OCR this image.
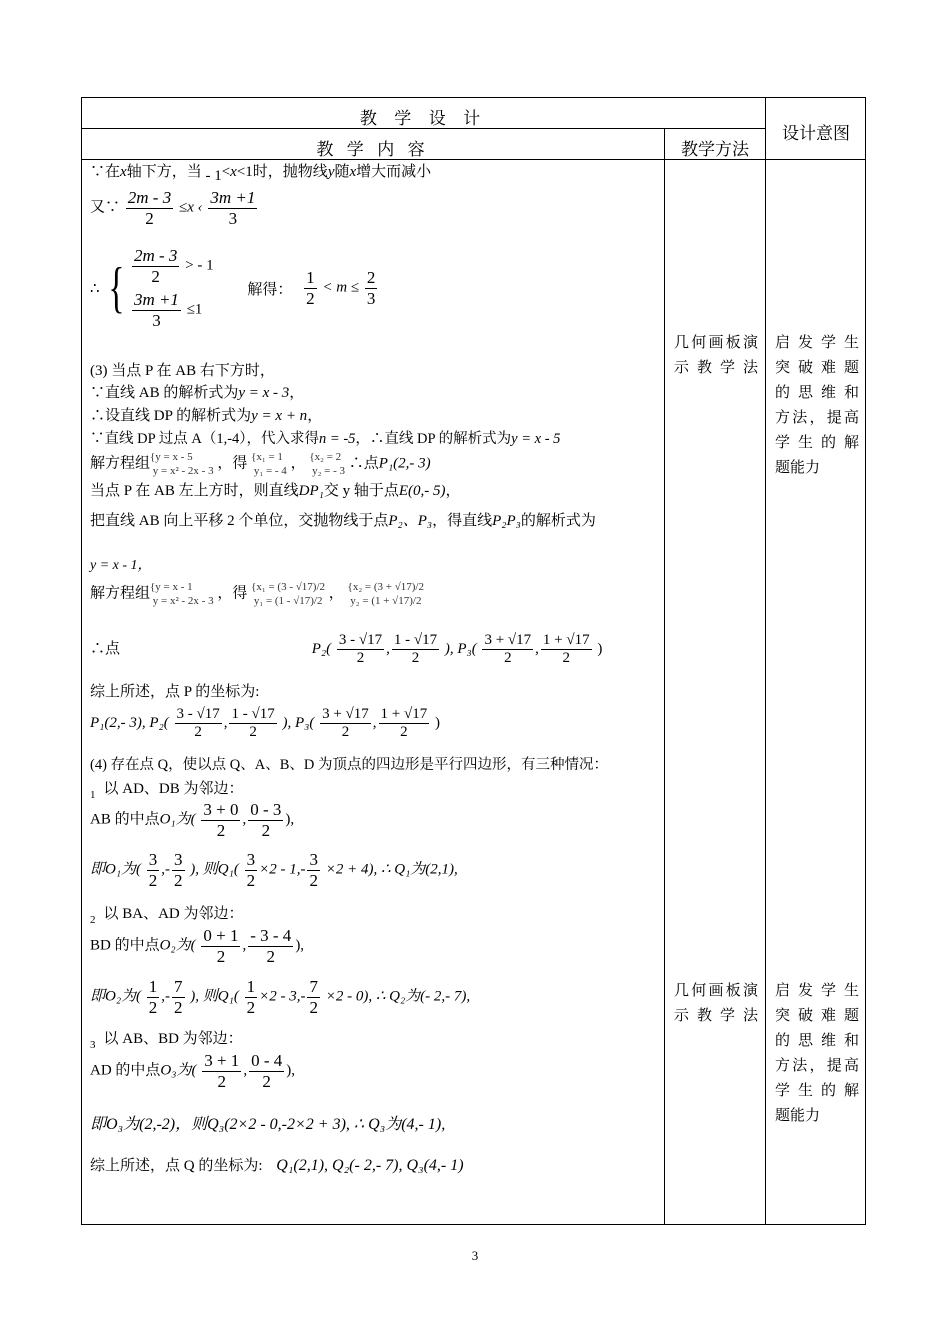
教 学 设 计
教 学 内 容	教学方法
设计意图
∵在x轴下方，当 - 1<x<1时，抛物线y随x增大而减小
又∵ $\frac{2m - 3}{2} \le x$ ‹ $\frac{3m +1}{3}$
∴ { $\frac{2m - 3}{2}$ > - 1
$\frac{3m +1}{3} \le 1$
解得： $\frac{1}{2} < m \le \frac{2}{3}$
(3) 当点 P 在 AB 右下方时，
∵直线 AB 的解析式为y = x - 3，
∴设直线 DP 的解析式为y = x + n，
∵直线 DP 过点 A（1,-4），代入求得n = -5，∴直线 DP 的解析式为y = x - 5
解方程组{y = x - 5
y = x² - 2x - 3 ，得 {x₁ = 1
y₁ = - 4 ， {x₂ = 2
y₂ = - 3 ∴点P₁(2,- 3)
当点 P 在 AB 左上方时，则直线DP₁交 y 轴于点E(0,- 5)，
把直线 AB 向上平移 2 个单位，交抛物线于点P₂、P₃，得直线P₂P₃的解析式为
y = x - 1，
解方程组{y = x - 1
y = x² - 2x - 3 ，得 {x₁ = (3 - √17)/2
y₁ = (1 - √17)/2 ， {x₂ = (3 + √17)/2
y₂ = (1 + √17)/2
∴点	$P_2( \frac{3 - √17}{2}$ , $\frac{1 - √17}{2}$ ), $P_3( \frac{3 + √17}{2}$ , $\frac{1 + √17}{2}$ )
综上所述，点 P 的坐标为:
P₁(2,- 3), $P_2( \frac{3 - √17}{2}$ , $\frac{1 - √17}{2}$ ), $P_3( \frac{3 + √17}{2}$ , $\frac{1 + √17}{2}$ )
(4) 存在点 Q，使以点 Q、A、B、D 为顶点的四边形是平行四边形，有三种情况：
$_1$ 以 AD、DB 为邻边：
AB 的中点O₁为( $\frac{3 + 0}{2}$ , $\frac{0 - 3}{2}$ ),
即O₁为( $\frac{3}{2}$ ,- $\frac{3}{2}$ ), 则$Q_1( \frac{3}{2} \times 2 - 1,- \frac{3}{2} \times 2 + 4)$, ∴ Q₁为(2,1),
$_2$ 以 BA、AD 为邻边：
BD 的中点O₂为( $\frac{0 + 1}{2}$ , $\frac{- 3 - 4}{2}$ ),
即O₂为( $\frac{1}{2}$ ,- $\frac{7}{2}$ ), 则$Q_1( \frac{1}{2} \times 2 - 3,- \frac{7}{2} \times 2 - 0)$, ∴ Q₂为(- 2,- 7),
$_3$ 以 AB、BD 为邻边：
AD 的中点O₃为( $\frac{3 + 1}{2}$ , $\frac{0 - 4}{2}$ ),
即O₃为(2,-2)，则Q₃(2×2 - 0,-2×2 + 3), ∴ Q₃为(4,- 1),
综上所述，点 Q 的坐标为: Q₁(2,1), Q₂(- 2,- 7), Q₃(4,- 1)
几何画板演示教学法
几何画板演示教学法
启发学生
突破难题
的思维和
方法，提高
学生的解
题能力
启发学生
突破难题
的思维和
方法，提高
学生的解
题能力
3
